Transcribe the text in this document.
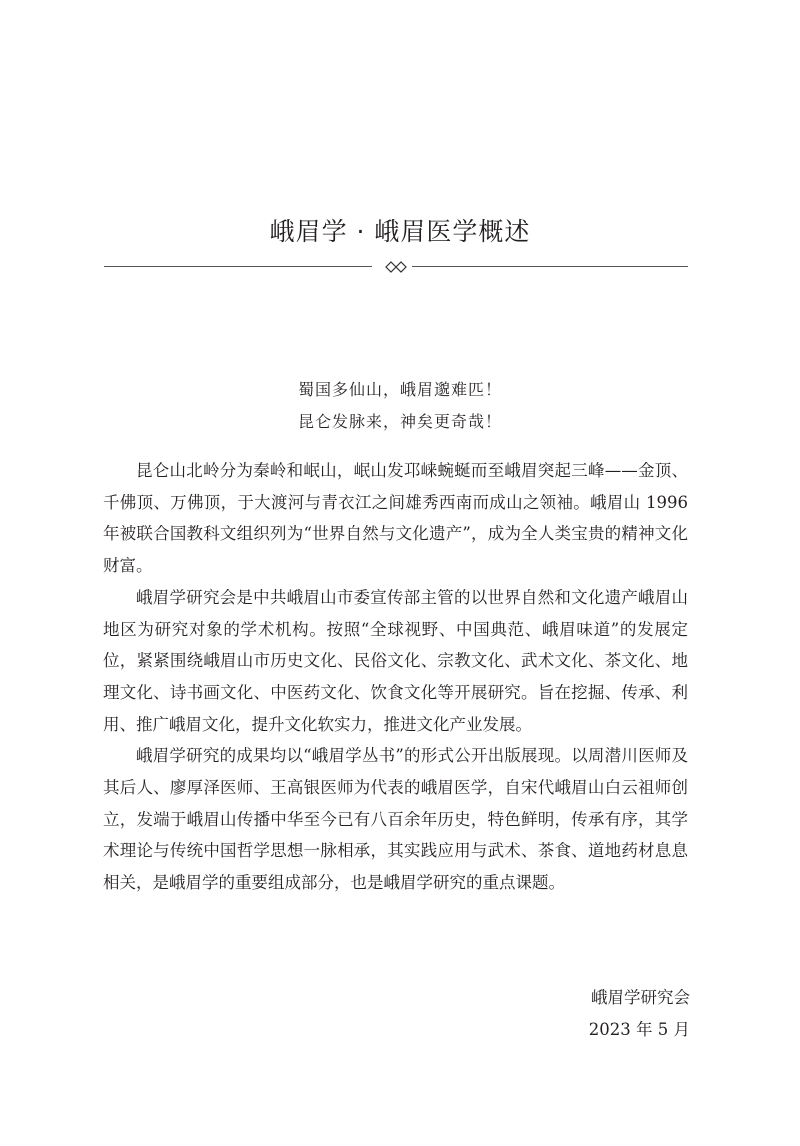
峨眉学 · 峨眉医学概述
蜀国多仙山，峨眉邈难匹！
昆仑发脉来，神矣更奇哉！

昆仑山北岭分为秦岭和岷山，岷山发邛崃蜿蜒而至峨眉突起三峰——金顶、千佛顶、万佛顶，于大渡河与青衣江之间雄秀西南而成山之领袖。峨眉山 1996 年被联合国教科文组织列为“世界自然与文化遗产”，成为全人类宝贵的精神文化财富。

峨眉学研究会是中共峨眉山市委宣传部主管的以世界自然和文化遗产峨眉山地区为研究对象的学术机构。按照“全球视野、中国典范、峨眉味道”的发展定位，紧紧围绕峨眉山市历史文化、民俗文化、宗教文化、武术文化、茶文化、地理文化、诗书画文化、中医药文化、饮食文化等开展研究。旨在挖掘、传承、利用、推广峨眉文化，提升文化软实力，推进文化产业发展。

峨眉学研究的成果均以“峨眉学丛书”的形式公开出版展现。以周潜川医师及其后人、廖厚泽医师、王高银医师为代表的峨眉医学，自宋代峨眉山白云祖师创立，发端于峨眉山传播中华至今已有八百余年历史，特色鲜明，传承有序，其学术理论与传统中国哲学思想一脉相承，其实践应用与武术、茶食、道地药材息息相关，是峨眉学的重要组成部分，也是峨眉学研究的重点课题。

峨眉学研究会
2023 年 5 月
